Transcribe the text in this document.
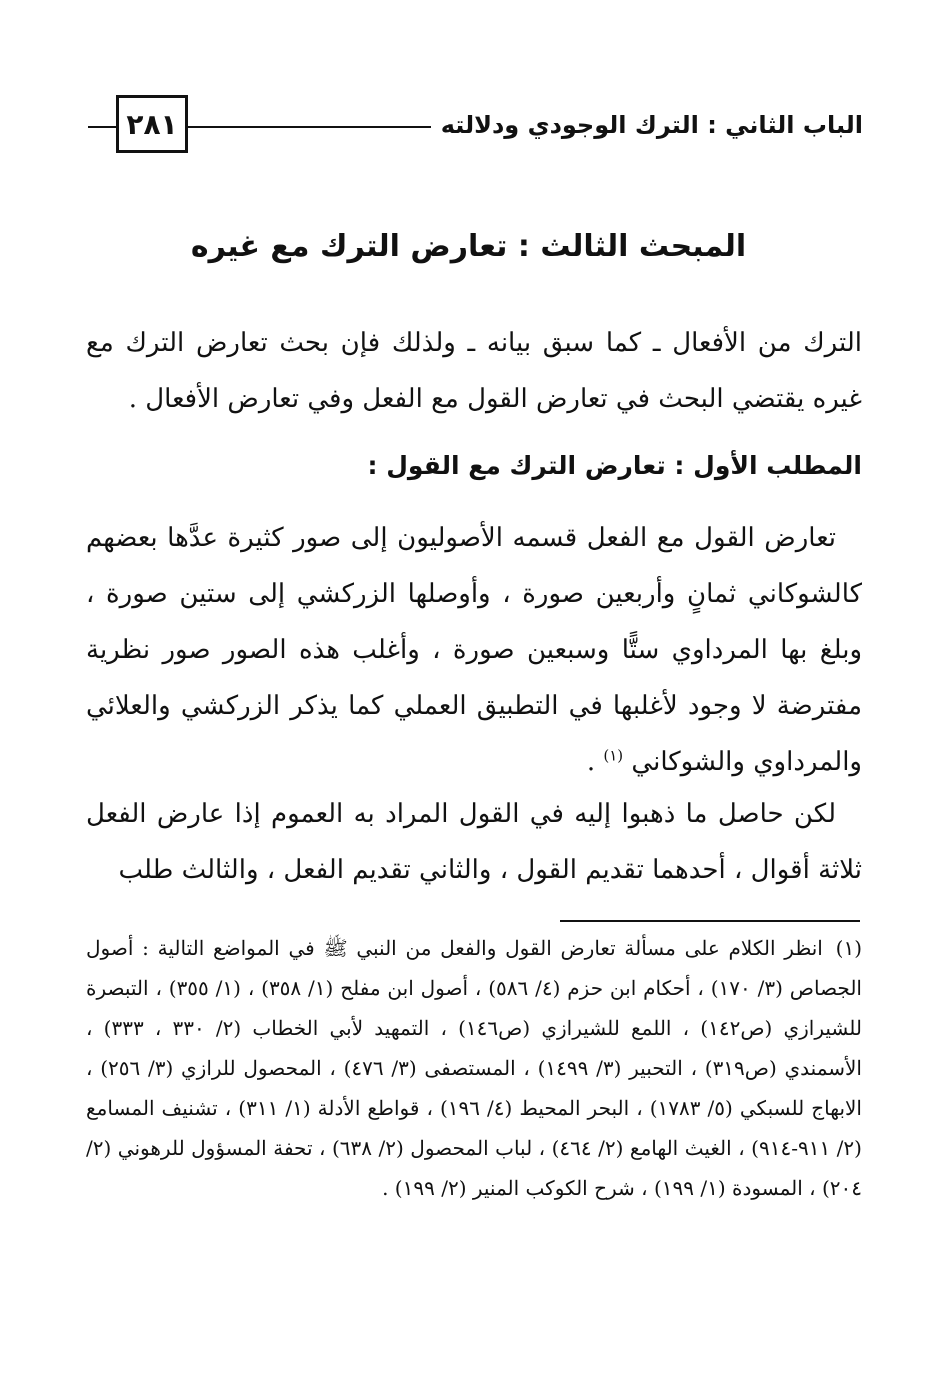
٢٨١	الباب الثاني : الترك الوجودي ودلالته
المبحث الثالث : تعارض الترك مع غيره
الترك من الأفعال ـ كما سبق بيانه ـ ولذلك فإن بحث تعارض الترك مع غيره يقتضي البحث في تعارض القول مع الفعل وفي تعارض الأفعال .
المطلب الأول : تعارض الترك مع القول :
تعارض القول مع الفعل قسمه الأصوليون إلى صور كثيرة عدَّها بعضهم كالشوكاني ثمانٍ وأربعين صورة ، وأوصلها الزركشي إلى ستين صورة ، وبلغ بها المرداوي ستًّا وسبعين صورة ، وأغلب هذه الصور صور نظرية مفترضة لا وجود لأغلبها في التطبيق العملي كما يذكر الزركشي والعلائي والمرداوي والشوكاني $^{(١)}$ .
لكن حاصل ما ذهبوا إليه في القول المراد به العموم إذا عارض الفعل ثلاثة أقوال ، أحدهما تقديم القول ، والثاني تقديم الفعل ، والثالث طلب
(١) انظر الكلام على مسألة تعارض القول والفعل من النبي ﷺ في المواضع التالية : أصول الجصاص (٣/ ١٧٠) ، أحكام ابن حزم (٤/ ٥٨٦) ، أصول ابن مفلح (١/ ٣٥٨) ، (١/ ٣٥٥) ، التبصرة للشيرازي (ص١٤٢) ، اللمع للشيرازي (ص١٤٦) ، التمهيد لأبي الخطاب (٢/ ٣٣٠ ، ٣٣٣) ، الأسمندي (ص٣١٩) ، التحبير (٣/ ١٤٩٩) ، المستصفى (٣/ ٤٧٦) ، المحصول للرازي (٣/ ٢٥٦) ، الابهاج للسبكي (٥/ ١٧٨٣) ، البحر المحيط (٤/ ١٩٦) ، قواطع الأدلة (١/ ٣١١) ، تشنيف المسامع (٢/ ٩١١-٩١٤) ، الغيث الهامع (٢/ ٤٦٤) ، لباب المحصول (٢/ ٦٣٨) ، تحفة المسؤول للرهوني (٢/ ٢٠٤) ، المسودة (١/ ١٩٩) ، شرح الكوكب المنير (٢/ ١٩٩) .
